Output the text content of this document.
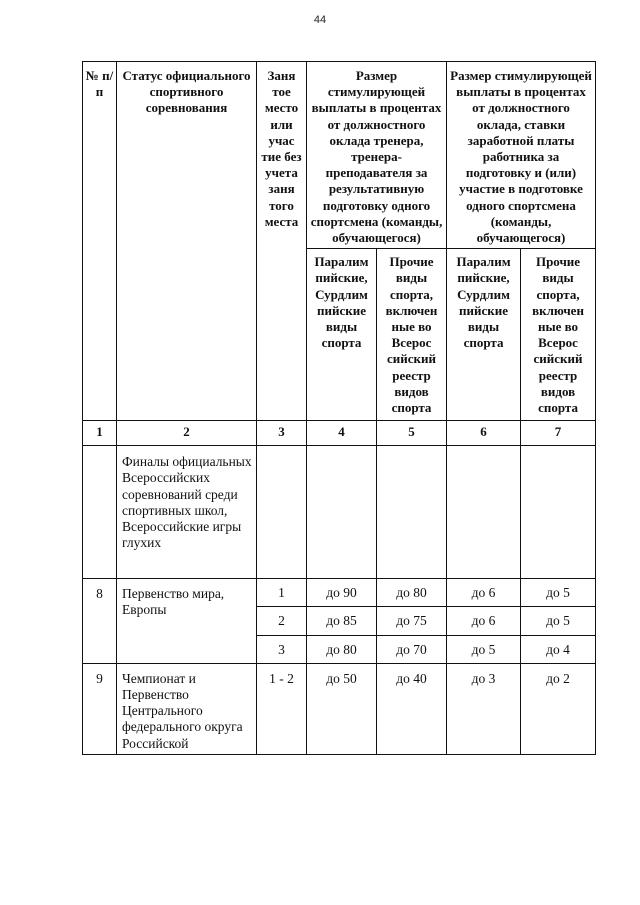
44
№ п/п	Статус официального спортивного соревнования	Заня тое место или учас тие без учета заня того места	Размер стимулирующей выплаты в процентах от должностного оклада тренера, тренера-преподавателя за результативную подготовку одного спортсмена (команды, обучающегося)		Размер стимулирующей выплаты в процентах от должностного оклада, ставки заработной платы работника за подготовку и (или) участие в подготовке одного спортсмена (команды, обучающегося)	
			Паралим пийские, Сурдлим пийские виды спорта	Прочие виды спорта, включен ные во Всерос сийский реестр видов спорта	Паралим пийские, Сурдлим пийские виды спорта	Прочие виды спорта, включен ные во Всерос сийский реестр видов спорта
1	2	3	4	5	6	7
	Финалы официальных Всероссийских соревнований среди спортивных школ, Всероссийские игры глухих					
8	Первенство мира, Европы	1	до 90	до 80	до 6	до 5
		2	до 85	до 75	до 6	до 5
		3	до 80	до 70	до 5	до 4
9	Чемпионат и Первенство Центрального федерального округа Российской	1 - 2	до 50	до 40	до 3	до 2
